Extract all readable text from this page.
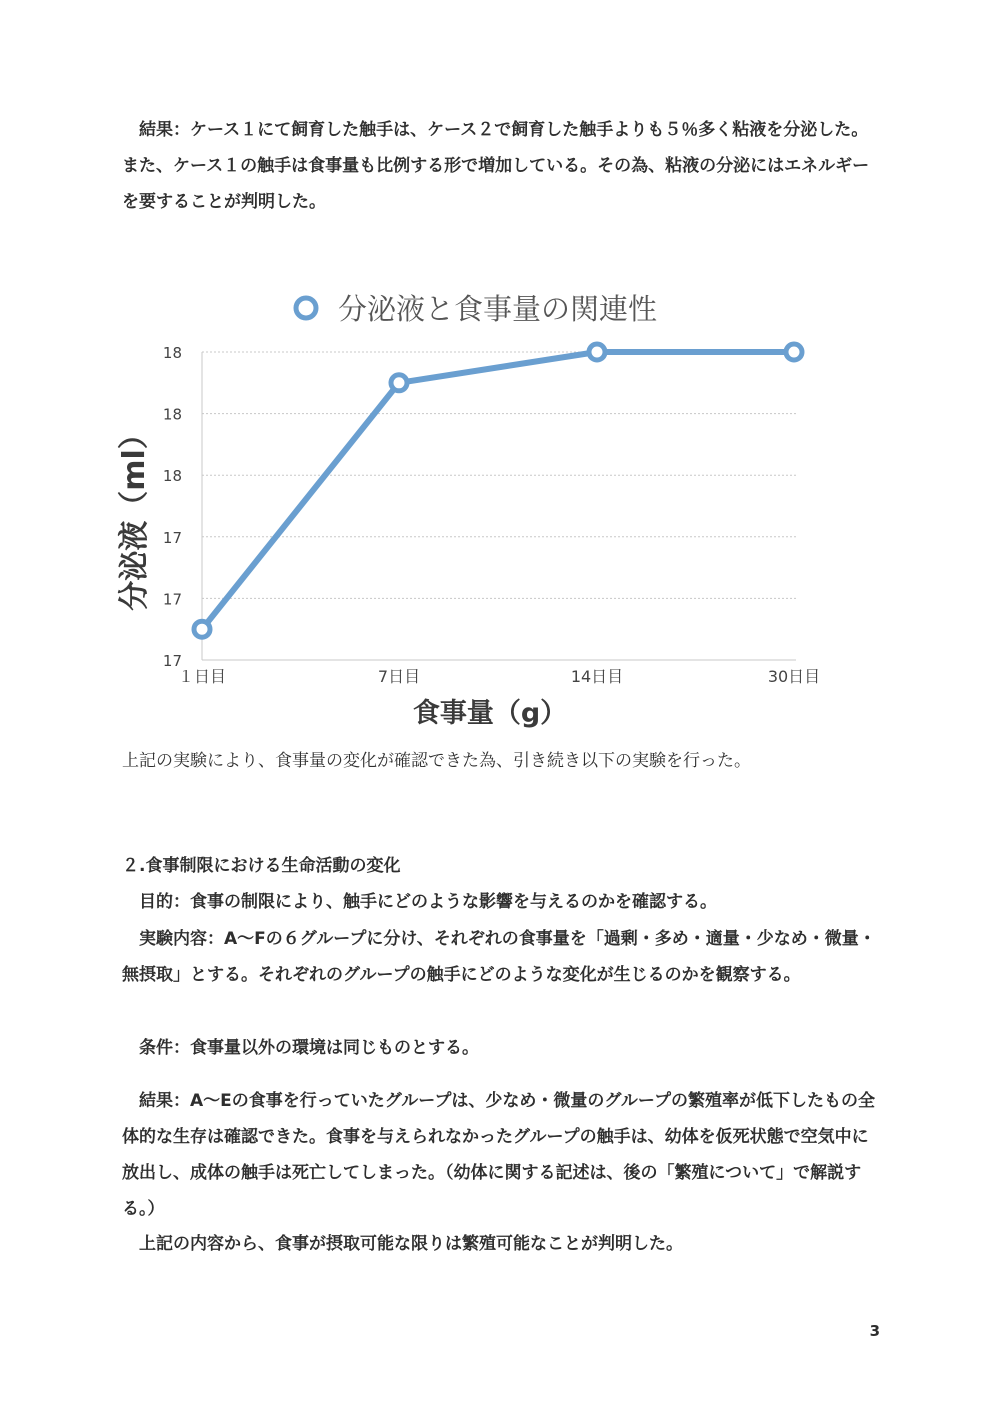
結果：ケース１にて飼育した触手は、ケース２で飼育した触手よりも５％多く粘液を分泌した。また、ケース１の触手は食事量も比例する形で増加している。その為、粘液の分泌にはエネルギーを要することが判明した。

分泌液と食事量の関連性
17
17
17
18
18
18
１日目	7日目	14日目	30日目
分泌液（ml）
食事量（g）

上記の実験により、食事量の変化が確認できた為、引き続き以下の実験を行った。

２.食事制限における生命活動の変化

目的：食事の制限により、触手にどのような影響を与えるのかを確認する。

実験内容：A〜Fの６グループに分け、それぞれの食事量を「過剰・多め・適量・少なめ・微量・無摂取」とする。それぞれのグループの触手にどのような変化が生じるのかを観察する。

条件：食事量以外の環境は同じものとする。

結果：A〜Eの食事を行っていたグループは、少なめ・微量のグループの繁殖率が低下したもの全体的な生存は確認できた。食事を与えられなかったグループの触手は、幼体を仮死状態で空気中に放出し、成体の触手は死亡してしまった。（幼体に関する記述は、後の「繁殖について」で解説する。）

上記の内容から、食事が摂取可能な限りは繁殖可能なことが判明した。

3
